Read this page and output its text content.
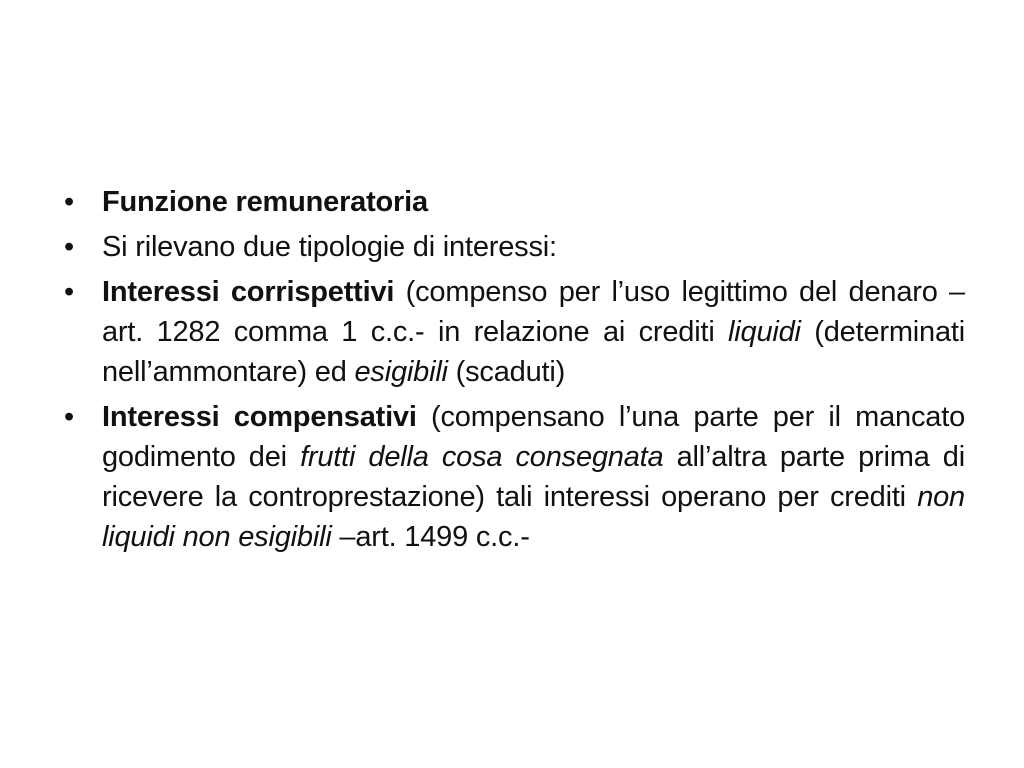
• Funzione remuneratoria
• Si rilevano due tipologie di interessi:
• Interessi corrispettivi (compenso per l’uso legittimo del denaro –art. 1282 comma 1 c.c.- in relazione ai crediti liquidi (determinati nell’ammontare) ed esigibili (scaduti)
• Interessi compensativi (compensano l’una parte per il mancato godimento dei frutti della cosa consegnata all’altra parte prima di ricevere la controprestazione) tali interessi operano per crediti non liquidi non esigibili –art. 1499 c.c.-
